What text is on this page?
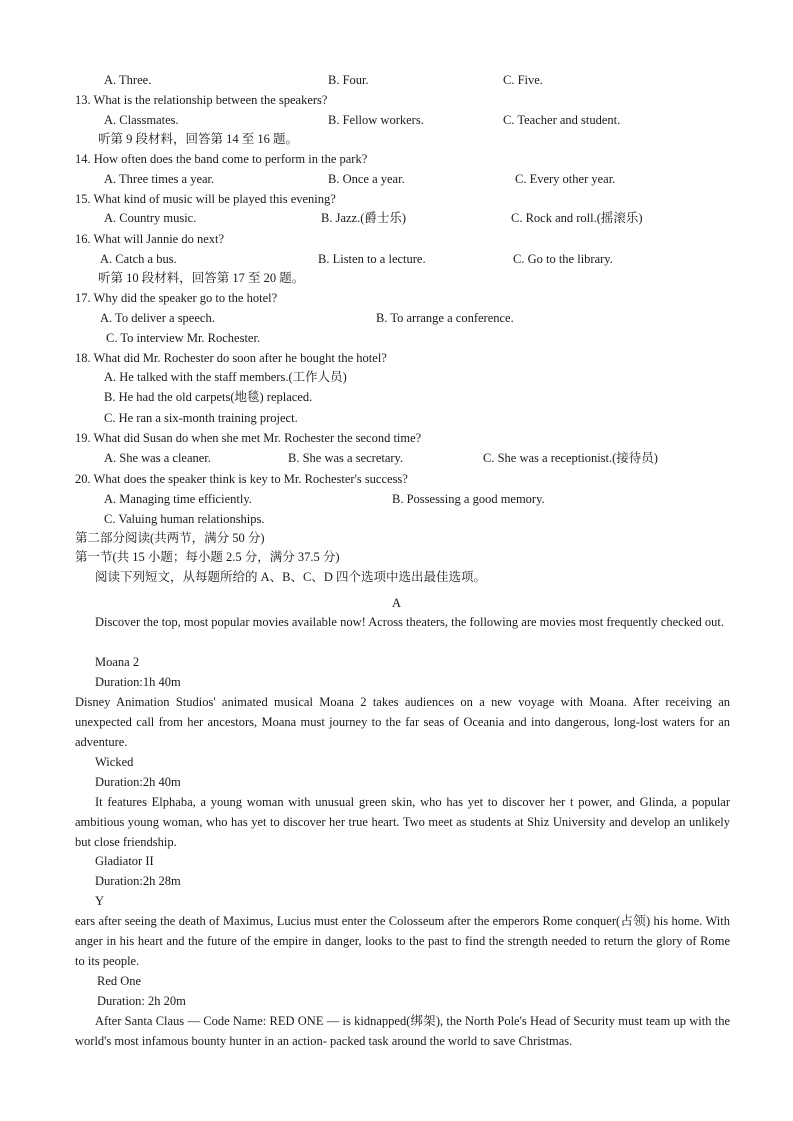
A. Three.	B. Four.	C. Five.
13. What is the relationship between the speakers?
A. Classmates.	B. Fellow workers.	C. Teacher and student.
听第 9 段材料，回答第 14 至 16 题。
14. How often does the band come to perform in the park?
A. Three times a year.	B. Once a year.	C. Every other year.
15. What kind of music will be played this evening?
A. Country music.	B. Jazz.(爵士乐)	C. Rock and roll.(摇滚乐)
16. What will Jannie do next?
A. Catch a bus.	B. Listen to a lecture.	C. Go to the library.
听第 10 段材料，回答第 17 至 20 题。
17. Why did the speaker go to the hotel?
A. To deliver a speech.	B. To arrange a conference.
C. To interview Mr. Rochester.
18. What did Mr. Rochester do soon after he bought the hotel?
A. He talked with the staff members.(工作人员)
B. He had the old carpets(地毯) replaced.
C. He ran a six-month training project.
19. What did Susan do when she met Mr. Rochester the second time?
A. She was a cleaner.	B. She was a secretary.	C. She was a receptionist.(接待员)
20. What does the speaker think is key to Mr. Rochester's success?
A. Managing time efficiently.	B. Possessing a good memory.
C. Valuing human relationships.
第二部分阅读(共两节，满分 50 分)
第一节(共 15 小题；每小题 2.5 分，满分 37.5 分)
阅读下列短文，从每题所给的 A、B、C、D 四个选项中选出最佳选项。
A
Discover the top, most popular movies available now! Across theaters, the following are movies most frequently checked out.
Moana 2
Duration:1h 40m
Disney Animation Studios' animated musical Moana 2 takes audiences on a new voyage with Moana. After receiving an unexpected call from her ancestors, Moana must journey to the far seas of Oceania and into dangerous, long-lost waters for an adventure.
Wicked
Duration:2h 40m
It features Elphaba, a young woman with unusual green skin, who has yet to discover her t power, and Glinda, a popular ambitious young woman, who has yet to discover her true heart. Two meet as students at Shiz University and develop an unlikely but close friendship.
Gladiator II
Duration:2h 28m
Y
ears after seeing the death of Maximus, Lucius must enter the Colosseum after the emperors Rome conquer(占领) his home. With anger in his heart and the future of the empire in danger, looks to the past to find the strength needed to return the glory of Rome to its people.
Red One
Duration: 2h 20m
After Santa Claus — Code Name: RED ONE — is kidnapped(绑架), the North Pole's Head of Security must team up with the world's most infamous bounty hunter in an action- packed task around the world to save Christmas.
